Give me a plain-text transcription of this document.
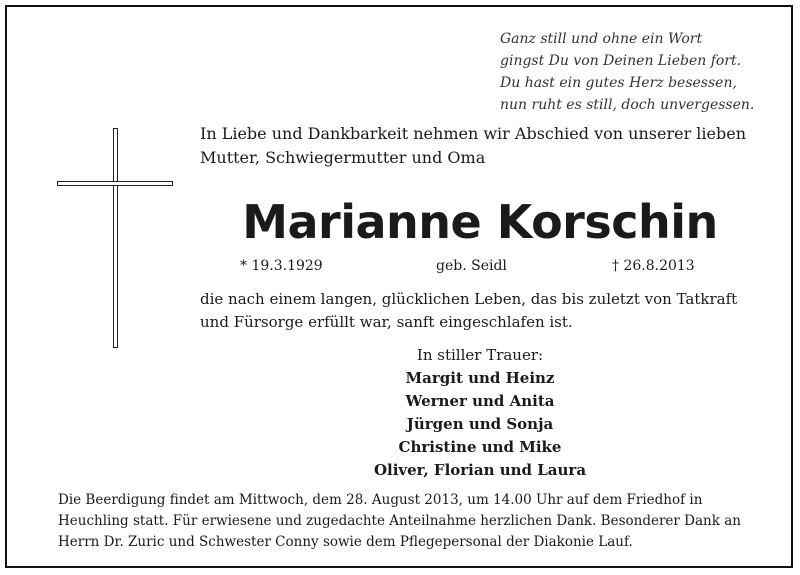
Ganz still und ohne ein Wort
gingst Du von Deinen Lieben fort.
Du hast ein gutes Herz besessen,
nun ruht es still, doch unvergessen.
In Liebe und Dankbarkeit nehmen wir Abschied von unserer lieben
Mutter, Schwiegermutter und Oma
Marianne Korschin
* 19.3.1929	geb. Seidl	† 26.8.2013
die nach einem langen, glücklichen Leben, das bis zuletzt von Tatkraft
und Fürsorge erfüllt war, sanft eingeschlafen ist.
In stiller Trauer:
Margit und Heinz
Werner und Anita
Jürgen und Sonja
Christine und Mike
Oliver, Florian und Laura
Die Beerdigung findet am Mittwoch, dem 28. August 2013, um 14.00 Uhr auf dem Friedhof in
Heuchling statt. Für erwiesene und zugedachte Anteilnahme herzlichen Dank. Besonderer Dank an
Herrn Dr. Zuric und Schwester Conny sowie dem Pflegepersonal der Diakonie Lauf.
